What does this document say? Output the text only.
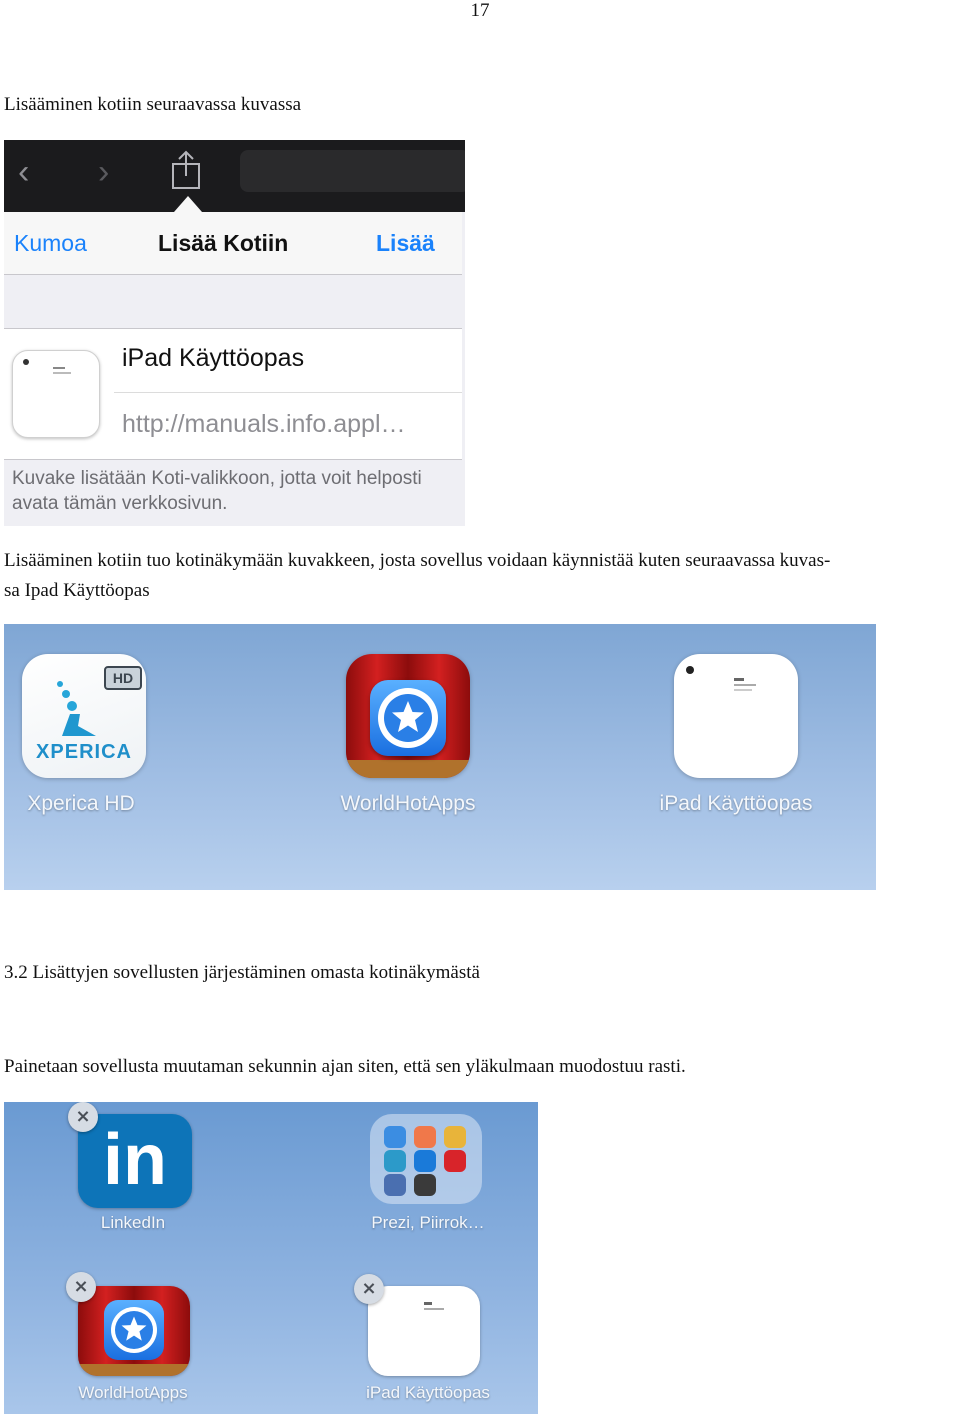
17
Lisääminen kotiin seuraavassa kuvassa
‹ ›
Kumoa	Lisää Kotiin	Lisää
iPad Käyttöopas
http://manuals.info.appl…
Kuvake lisätään Koti-valikkoon, jotta voit helposti avata tämän verkkosivun.
Lisääminen kotiin tuo kotinäkymään kuvakkeen, josta sovellus voidaan käynnistää kuten seuraavassa kuvas-
sa Ipad Käyttöopas
HD
XPERICA
Xperica HD	WorldHotApps	iPad Käyttöopas
3.2 Lisättyjen sovellusten järjestäminen omasta kotinäkymästä
Painetaan sovellusta muutaman sekunnin ajan siten, että sen yläkulmaan muodostuu rasti.
in
×
LinkedIn	Prezi, Piirrok…
×
WorldHotApps
×
iPad Käyttöopas
